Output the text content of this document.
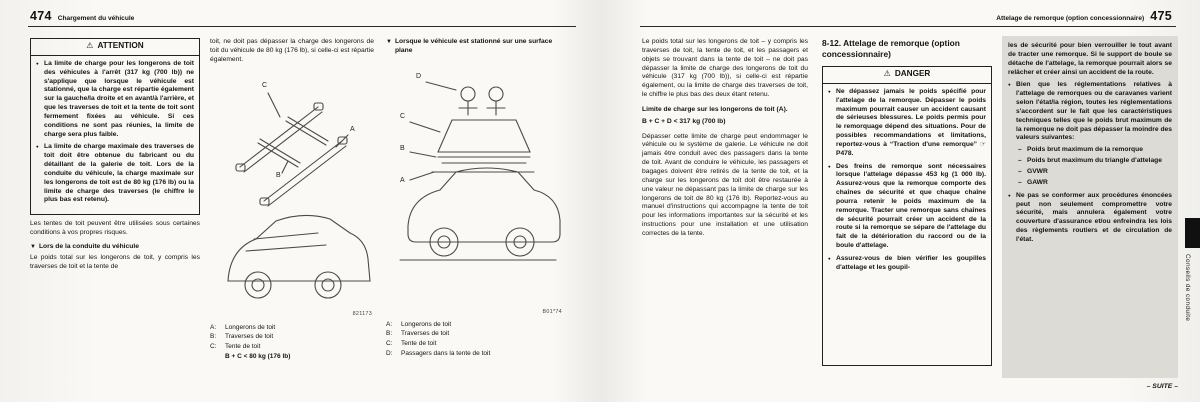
474 Chargement du véhicule	Attelage de remorque (option concessionnaire) 475
⚠ ATTENTION
● La limite de charge pour les longerons de toit des véhicules à l'arrêt (317 kg (700 lb)) ne s'applique que lorsque le véhicule est stationné, que la charge est répartie également sur la gauche/la droite et en avant/à l'arrière, et que les traverses de toit et la tente de toit sont fermement fixées au véhicule. Si ces conditions ne sont pas réunies, la limite de charge sera plus faible.
● La limite de charge maximale des traverses de toit doit être obtenue du fabricant ou du détaillant de la galerie de toit. Lors de la conduite du véhicule, la charge maximale sur les longerons de toit est de 80 kg (176 lb) ou la limite de charge des traverses (le chiffre le plus bas est retenu).

Les tentes de toit peuvent être utilisées sous certaines conditions à vos propres risques.

▼ Lors de la conduite du véhicule

Le poids total sur les longerons de toit, y compris les traverses de toit et la tente de

toit, ne doit pas dépasser la charge des longerons de toit du véhicule de 80 kg (176 lb), si celle-ci est répartie également.

C
B
A
821173
A:	Longerons de toit
B:	Traverses de toit
C:	Tente de toit
B + C < 80 kg (176 lb)
▼ Lorsque le véhicule est stationné sur une surface plane
D
C
B
A
B01*74
A:	Longerons de toit
B:	Traverses de toit
C:	Tente de toit
D:	Passagers dans la tente de toit

Le poids total sur les longerons de toit – y compris les traverses de toit, la tente de toit, et les passagers et objets se trouvant dans la tente de toit – ne doit pas dépasser la limite de charge des longerons de toit du véhicule (317 kg (700 lb)), si celle-ci est répartie également, ou la limite de charge des traverses de toit, le chiffre le plus bas des deux étant retenu.

Limite de charge sur les longerons de toit (A).

B + C + D < 317 kg (700 lb)

Dépasser cette limite de charge peut endommager le véhicule ou le système de galerie. Le véhicule ne doit jamais être conduit avec des passagers dans la tente de toit. Avant de conduire le véhicule, les passagers et bagages doivent être retirés de la tente de toit, et la charge sur les longerons de toit doit être restaurée à une valeur ne dépassant pas la limite de charge sur les longerons de toit de 80 kg (176 lb). Reportez-vous au manuel d'instructions qui accompagne la tente de toit pour les informations importantes sur la sécurité et les instructions pour une installation et une utilisation correctes de la tente.

8-12. Attelage de remorque (option concessionnaire)
⚠ DANGER
● Ne dépassez jamais le poids spécifié pour l'attelage de la remorque. Dépasser le poids maximum pourrait causer un accident causant de sérieuses blessures. Le poids permis pour le remorquage dépend des situations. Pour de possibles recommandations et limitations, reportez-vous à “Traction d'une remorque” ☞P478.
● Des freins de remorque sont nécessaires lorsque l'attelage dépasse 453 kg (1 000 lb). Assurez-vous que la remorque comporte des chaînes de sécurité et que chaque chaîne pourra retenir le poids maximum de la remorque. Tracter une remorque sans chaînes de sécurité pourrait créer un accident de la route si la remorque se sépare de l'attelage du fait de la détérioration du raccord ou de la boule d'attelage.
● Assurez-vous de bien vérifier les goupilles d'attelage et les goupil-

les de sécurité pour bien verrouiller le tout avant de tracter une remorque. Si le support de boule se détache de l'attelage, la remorque pourrait alors se relâcher et créer ainsi un accident de la route.

● Bien que les réglementations relatives à l'attelage de remorques ou de caravanes varient selon l'état/la région, toutes les réglementations s'accordent sur le fait que les caractéristiques techniques telles que le poids brut maximum de la remorque ne doit pas dépasser la moindre des valeurs suivantes:
– Poids brut maximum de la remorque
– Poids brut maximum du triangle d'attelage
– GVWR
– GAWR
● Ne pas se conformer aux procédures énoncées peut non seulement compromettre votre sécurité, mais annulera également votre couverture d'assurance et/ou enfreindra les lois des règlements routiers et de circulation de l'état.
– SUITE –
Conseils de conduite
